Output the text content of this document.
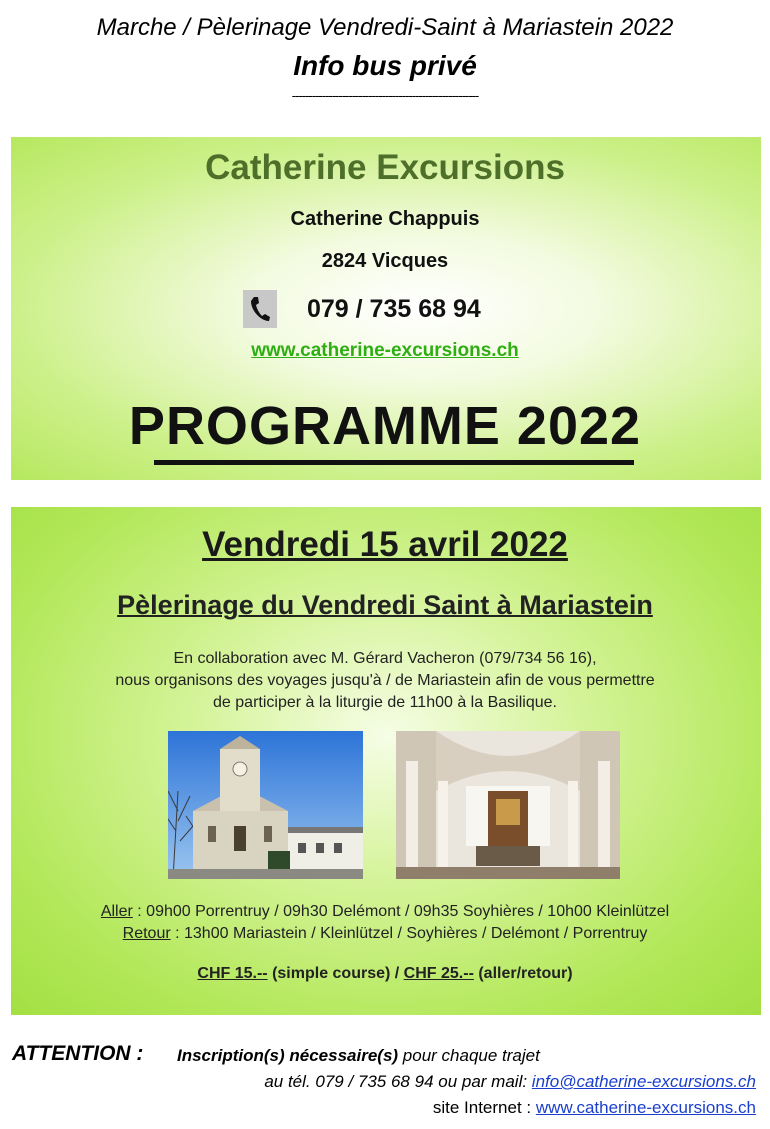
Marche / Pèlerinage Vendredi-Saint à Mariastein 2022
Info bus privé
--------------------------------------------------------
Catherine Excursions
Catherine Chappuis
2824 Vicques
079 / 735 68 94
www.catherine-excursions.ch
PROGRAMME 2022
Vendredi 15 avril 2022
Pèlerinage du Vendredi Saint à Mariastein
En collaboration avec M. Gérard Vacheron (079/734 56 16),
nous organisons des voyages jusqu'à / de Mariastein afin de vous permettre
de participer à la liturgie de 11h00 à la Basilique.
Aller : 09h00 Porrentruy / 09h30 Delémont / 09h35 Soyhières / 10h00 Kleinlützel
Retour : 13h00 Mariastein / Kleinlützel / Soyhières / Delémont / Porrentruy
CHF 15.-- (simple course) / CHF 25.-- (aller/retour)
ATTENTION : Inscription(s) nécessaire(s) pour chaque trajet
au tél. 079 / 735 68 94 ou par mail: info@catherine-excursions.ch
site Internet : www.catherine-excursions.ch
